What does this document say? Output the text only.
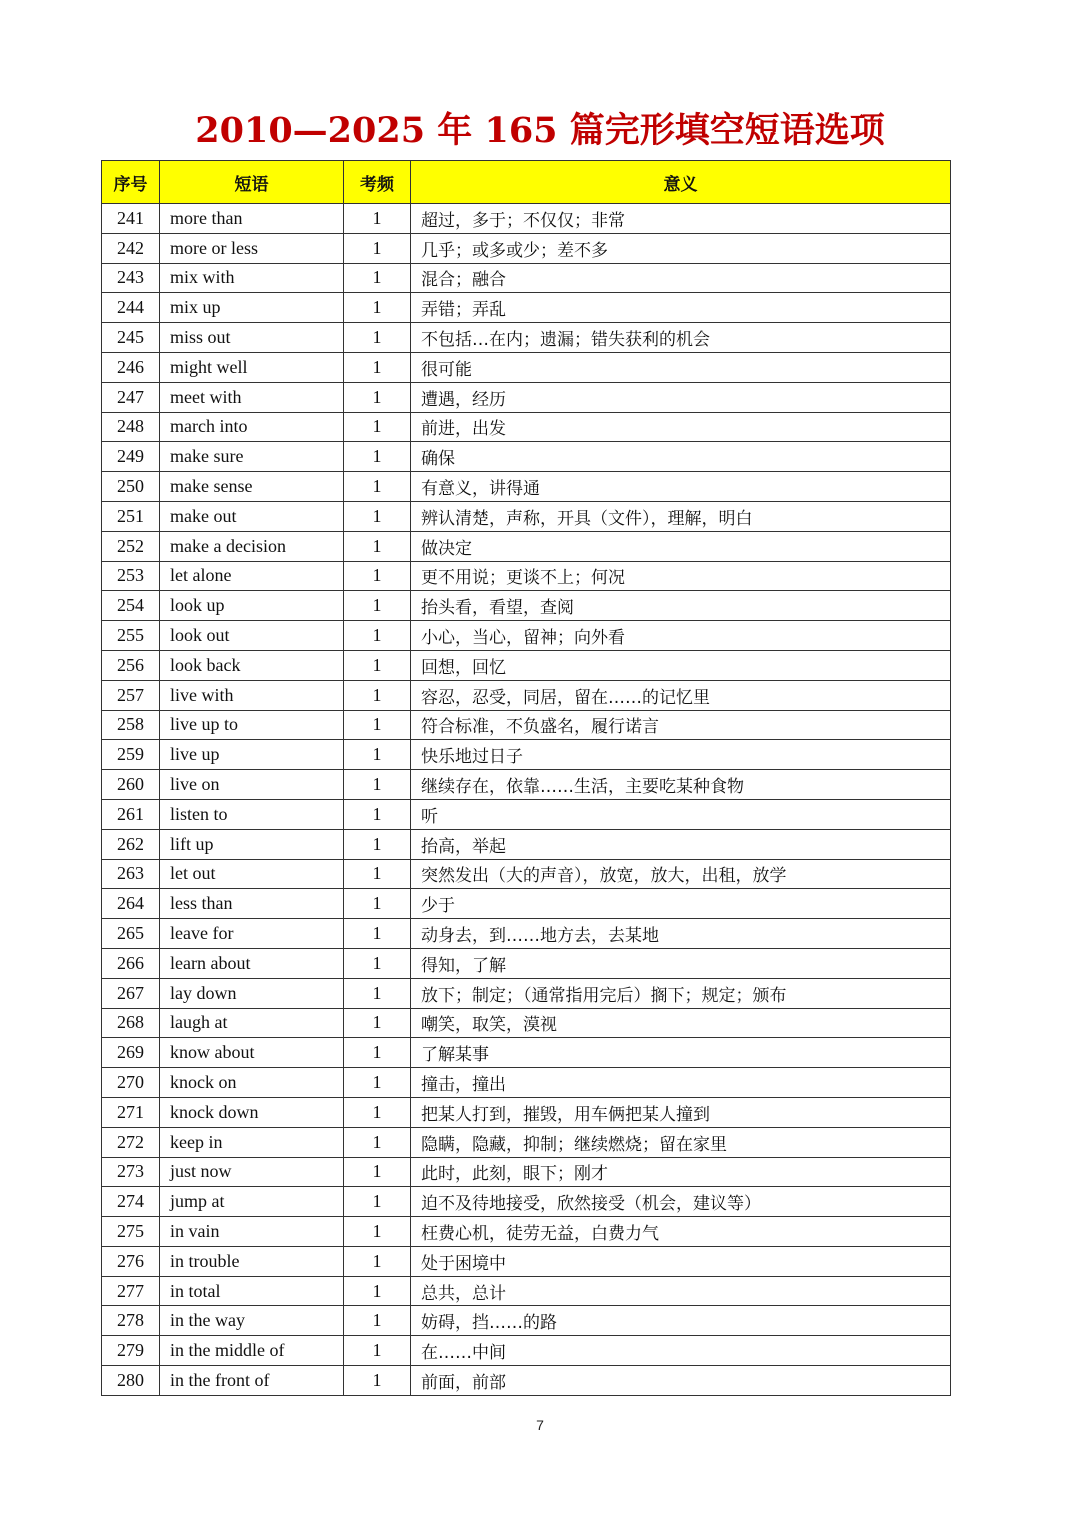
2010—2025 年 165 篇完形填空短语选项
序号	短语	考频	意义
241	more than	1	超过，多于；不仅仅；非常
242	more or less	1	几乎；或多或少；差不多
243	mix with	1	混合；融合
244	mix up	1	弄错；弄乱
245	miss out	1	不包括…在内；遗漏；错失获利的机会
246	might well	1	很可能
247	meet with	1	遭遇，经历
248	march into	1	前进，出发
249	make sure	1	确保
250	make sense	1	有意义，讲得通
251	make out	1	辨认清楚，声称，开具（文件），理解，明白
252	make a decision	1	做决定
253	let alone	1	更不用说；更谈不上；何况
254	look up	1	抬头看，看望，查阅
255	look out	1	小心，当心，留神；向外看
256	look back	1	回想，回忆
257	live with	1	容忍，忍受，同居，留在……的记忆里
258	live up to	1	符合标准，不负盛名，履行诺言
259	live up	1	快乐地过日子
260	live on	1	继续存在，依靠……生活，主要吃某种食物
261	listen to	1	听
262	lift up	1	抬高，举起
263	let out	1	突然发出（大的声音），放宽，放大，出租，放学
264	less than	1	少于
265	leave for	1	动身去，到……地方去，去某地
266	learn about	1	得知，了解
267	lay down	1	放下；制定；（通常指用完后）搁下；规定；颁布
268	laugh at	1	嘲笑，取笑，漠视
269	know about	1	了解某事
270	knock on	1	撞击，撞出
271	knock down	1	把某人打到，摧毁，用车俩把某人撞到
272	keep in	1	隐瞒，隐藏，抑制；继续燃烧；留在家里
273	just now	1	此时，此刻，眼下；刚才
274	jump at	1	迫不及待地接受，欣然接受（机会，建议等）
275	in vain	1	枉费心机，徒劳无益，白费力气
276	in trouble	1	处于困境中
277	in total	1	总共，总计
278	in the way	1	妨碍，挡……的路
279	in the middle of	1	在……中间
280	in the front of	1	前面，前部
7
